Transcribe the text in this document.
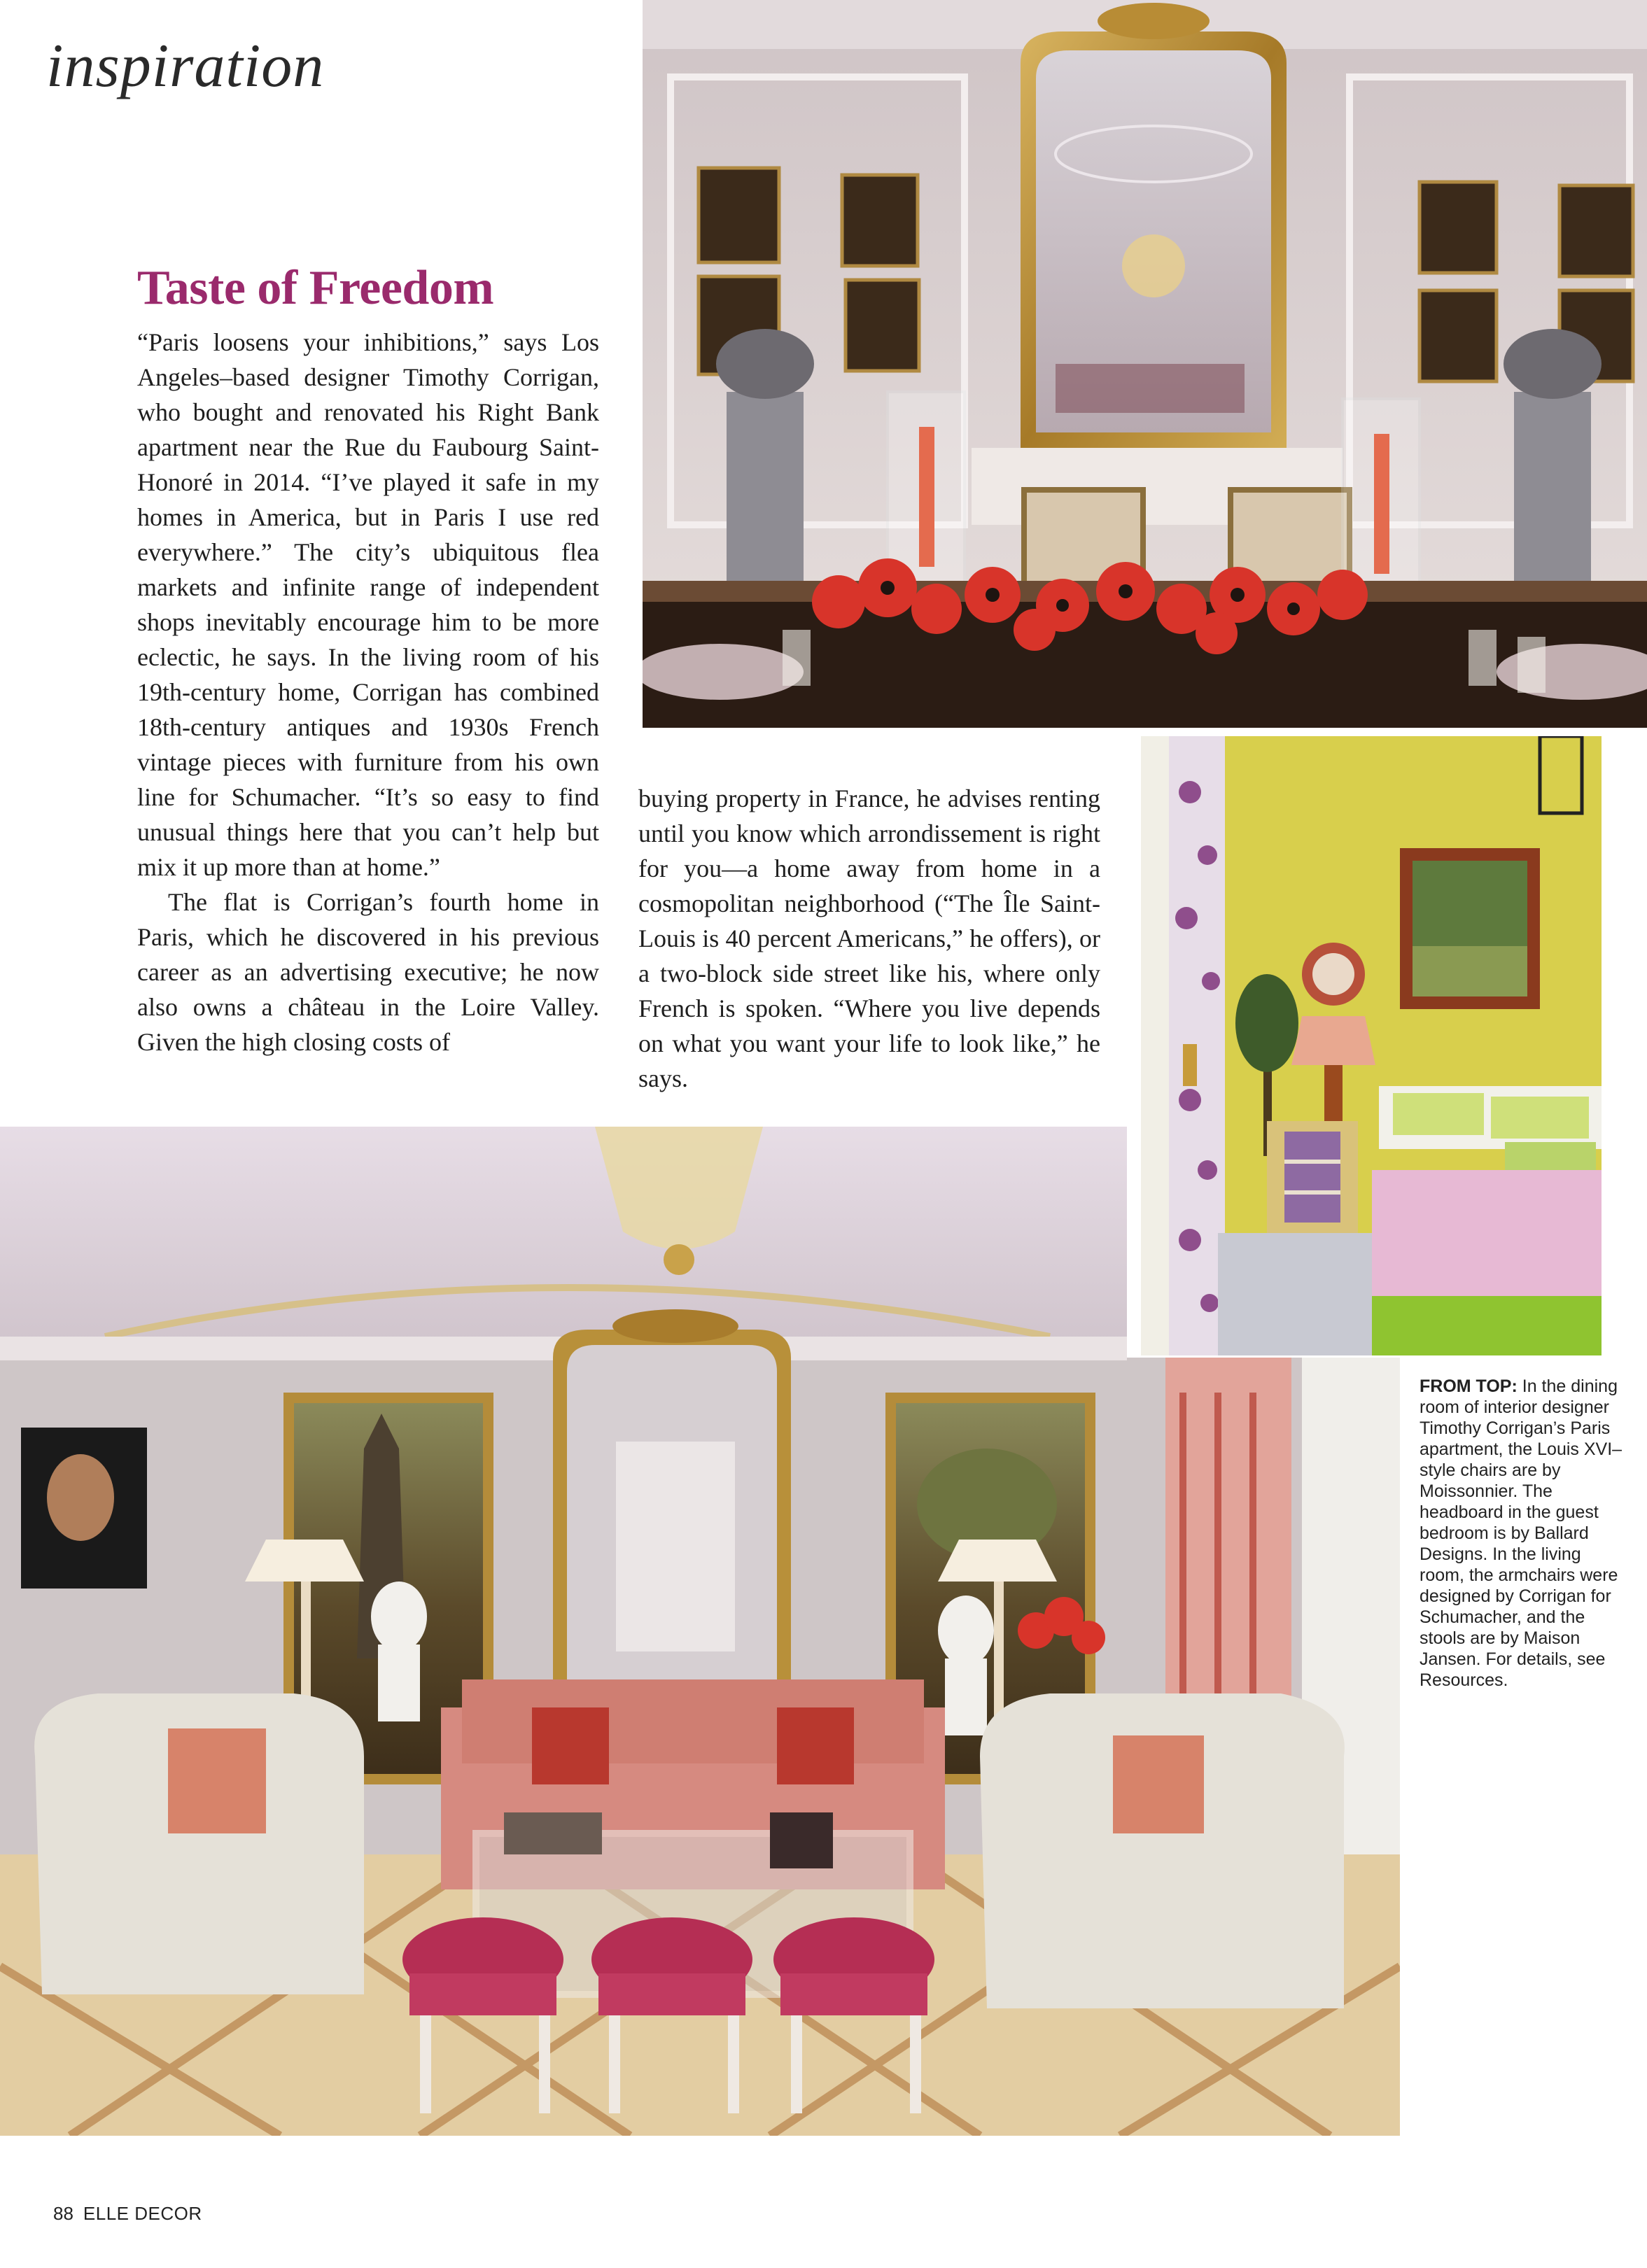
inspiration
Taste of Freedom

“Paris loosens your inhibitions,” says Los Angeles–based designer Timothy Corrigan, who bought and renovated his Right Bank apartment near the Rue du Faubourg Saint-Honoré in 2014. “I’ve played it safe in my homes in America, but in Paris I use red everywhere.” The city’s ubiquitous flea markets and infinite range of independent shops inevitably encourage him to be more eclectic, he says. In the living room of his 19th-century home, Corrigan has combined 18th-century antiques and 1930s French vintage pieces with furniture from his own line for Schumacher. “It’s so easy to find unusual things here that you can’t help but mix it up more than at home.”

The flat is Corrigan’s fourth home in Paris, which he discovered in his previous career as an advertising executive; he now also owns a château in the Loire Valley. Given the high closing costs of

buying property in France, he advises renting until you know which arrondissement is right for you—a home away from home in a cosmopolitan neighborhood (“The Île Saint-Louis is 40 percent Americans,” he offers), or a two-block side street like his, where only French is spoken. “Where you live depends on what you want your life to look like,” he says.

FROM TOP: In the dining room of interior designer Timothy Corrigan’s Paris apartment, the Louis XVI–style chairs are by Moissonnier. The headboard in the guest bedroom is by Ballard Designs. In the living room, the armchairs were designed by Corrigan for Schumacher, and the stools are by Maison Jansen. For details, see Resources.
88 ELLE DECOR
